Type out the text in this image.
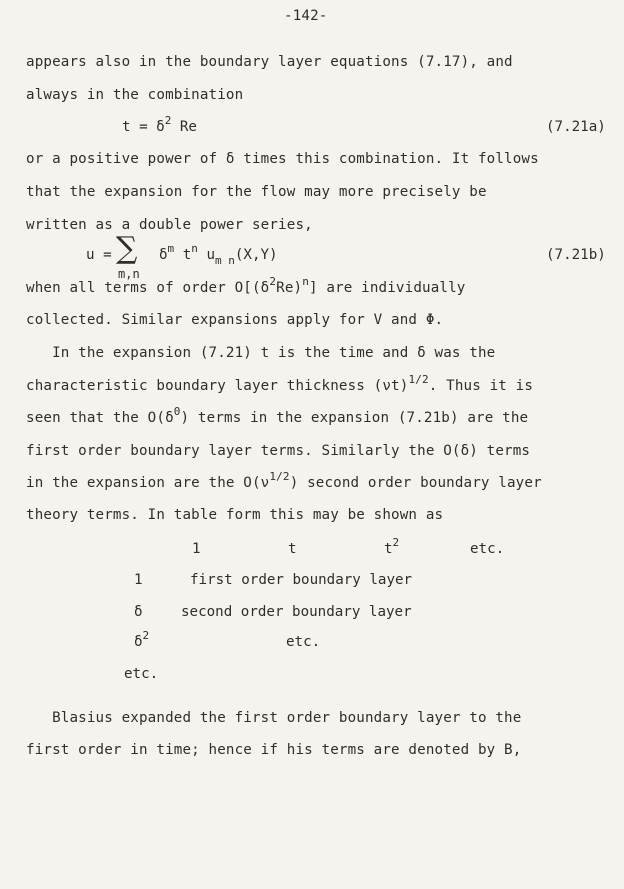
-142-
appears also in the boundary layer equations (7.17), and
always in the combination
$t = \delta^2$ Re	(7.21a)
or a positive power of δ times this combination. It follows
that the expansion for the flow may more precisely be
written as a double power series,
u = ∑
m,n
$\delta^m$ $t^n$ $u_{m n}(X,Y)$	(7.21b)
when all terms of order $O[(\delta^2Re)^n]$ are individually
collected. Similar expansions apply for V and Φ.
In the expansion (7.21) t is the time and δ was the
characteristic boundary layer thickness $(\nu t)^{1/2}$. Thus it is
seen that the $O(\delta^0)$ terms in the expansion (7.21b) are the
first order boundary layer terms. Similarly the O(δ) terms
in the expansion are the $O(\nu^{1/2})$ second order boundary layer
theory terms. In table form this may be shown as
1	t	$t^2$	etc.
1	first order boundary layer
δ	second order boundary layer
$\delta^2$	etc.
etc.
Blasius expanded the first order boundary layer to the
first order in time; hence if his terms are denoted by B,
